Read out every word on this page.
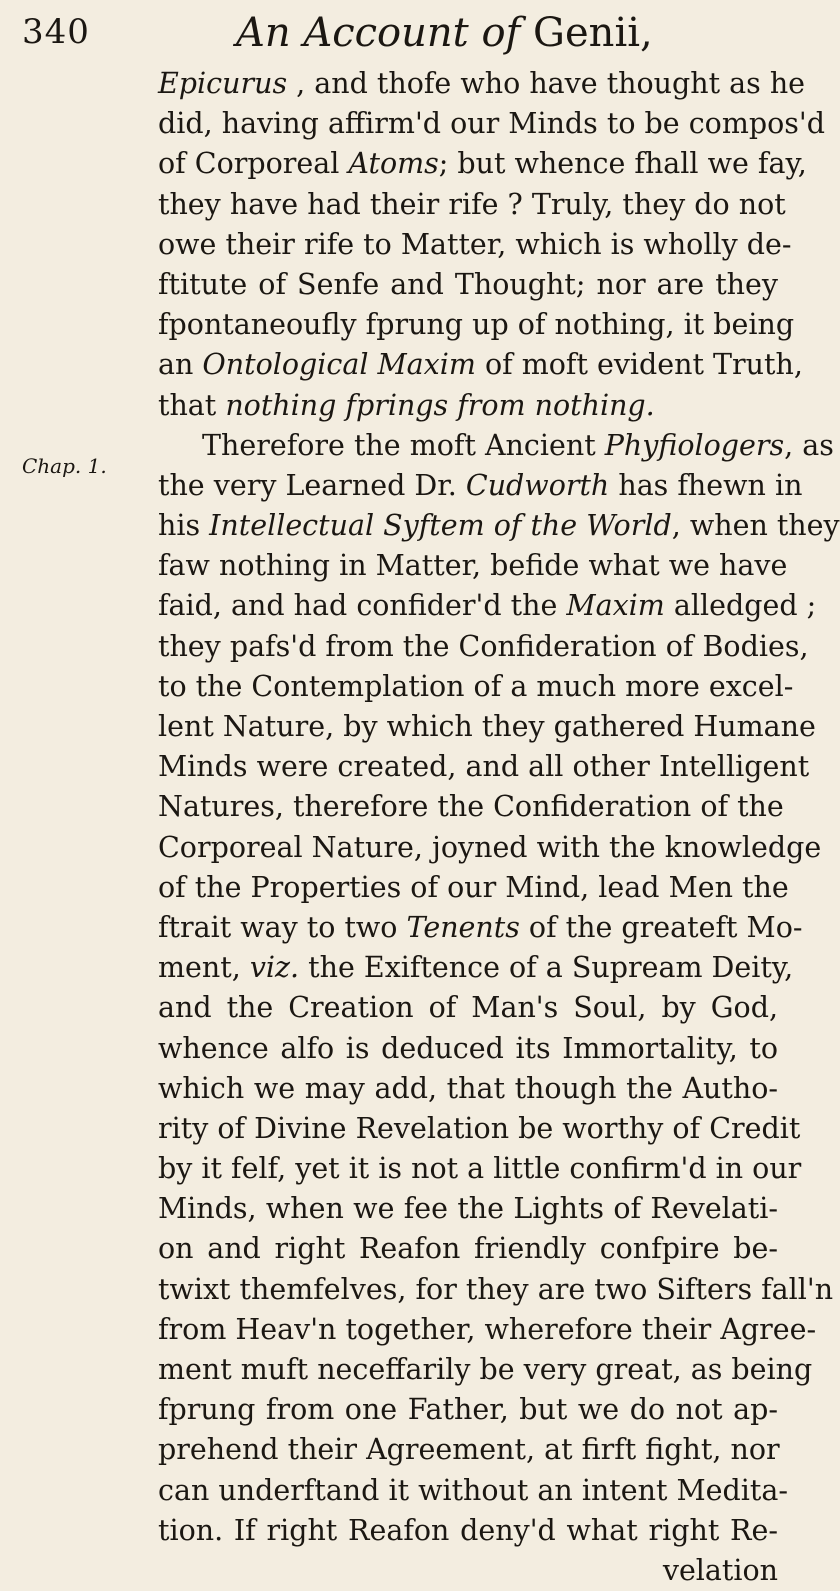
340	An Account of Genii,
Chap. 1.
Epicurus , and thofe who have thought as he
did, having affirm'd our Minds to be compos'd
of Corporeal Atoms; but whence fhall we fay,
they have had their rife ? Truly, they do not
owe their rife to Matter, which is wholly de-
ftitute of Senfe and Thought; nor are they
fpontaneoufly fprung up of nothing, it being
an Ontological Maxim of moft evident Truth,
that nothing fprings from nothing.
Therefore the moft Ancient Phyfiologers, as
the very Learned Dr. Cudworth has fhewn in
his Intellectual Syftem of the World, when they
faw nothing in Matter, befide what we have
faid, and had confider'd the Maxim alledged ;
they pafs'd from the Confideration of Bodies,
to the Contemplation of a much more excel-
lent Nature, by which they gathered Humane
Minds were created, and all other Intelligent
Natures, therefore the Confideration of the
Corporeal Nature, joyned with the knowledge
of the Properties of our Mind, lead Men the
ftrait way to two Tenents of the greateft Mo-
ment, viz. the Exiftence of a Supream Deity,
and the Creation of Man's Soul, by God,
whence alfo is deduced its Immortality, to
which we may add, that though the Autho-
rity of Divine Revelation be worthy of Credit
by it felf, yet it is not a little confirm'd in our
Minds, when we fee the Lights of Revelati-
on and right Reafon friendly confpire be-
twixt themfelves, for they are two Sifters fall'n
from Heav'n together, wherefore their Agree-
ment muft neceffarily be very great, as being
fprung from one Father, but we do not ap-
prehend their Agreement, at firft fight, nor
can underftand it without an intent Medita-
tion. If right Reafon deny'd what right Re-
velation
